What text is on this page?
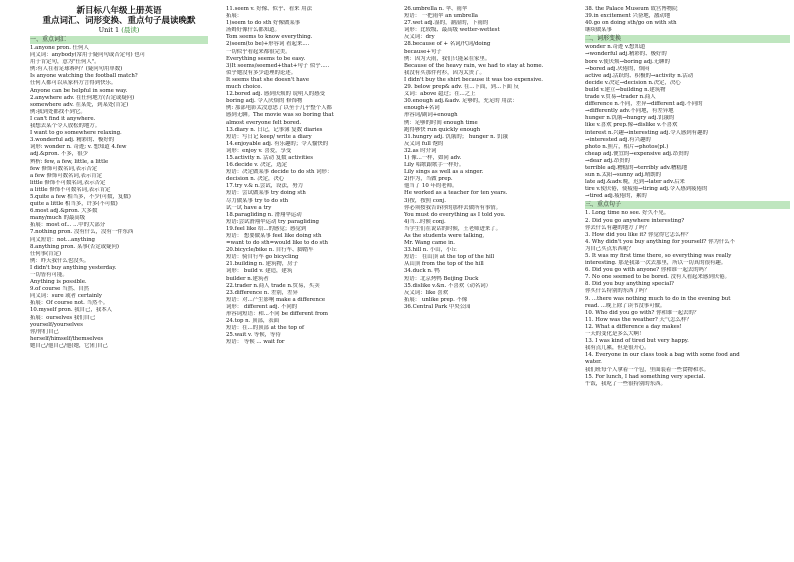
新目标八年级上册英语
重点词汇、词形变换、重点句子晨读晚默
Unit 1 (晨读)
一、重点词汇
1.anyone pron. 任何人
同义词：anybody(常用于疑问句或否定句) 也可
用于肯定句，意为"任何人"。
例:有人在看足球赛吗？(疑问句用单数)
Is anyone watching the football match?
任何人都可以从家科方言得到快乐。
Anyone can be helpful in some way.
2.anywhere adv. 在任何地方(否定或疑问)
somewhere adv. 在某处，到某处(肯定)
例:我到处都找不到它。
I can't find it anywhere.
我想去某个令人放松的地方。
I want to go somewhere relaxing.
3.wonderful adj. 精彩的、极好的
词形: wonder n. 奇迹; v. 想知道 4.few
adj.&pron. 不多，很少
辨析: few, a few, little, a little
few 修饰可数名词,表示否定
a few 修饰可数名词,表示肯定
little 修饰不可数名词,表示否定
a little 修饰不可数名词,表示肯定
5.quite a few 相当多，不少(可数，复数)
quite a little 相当多，许多(不可数)
6.most adj.&pron. 大多数
many/much 的最高级
拓展：most of... ...中的大部分
7.nothing pron. 没有什么，没有一件东西
同义短语：not...anything
8.anything pron. 某事(否定或疑问)
任何事(肯定)
例：昨天我什么也没买。
I didn't buy anything yesterday.
一切皆有可能。
Anything is possible.
9.of course 当然、自然
同义词：sure 或者 certainly
拓展：Of course not. 当然不。
10.myself pron. 我自己，我本人
拓展：ourselves 我们自己
yourself/yourselves
你/你们自己
herself/himself/themselves
她自己/他自己/他(她，它)们自己
11.seem v. 好像、似乎、看来 用法
拓展：
1)seem to do sth 好像做某事
汤姆好像什么都知道。
Tom seems to know everything.
2)seem(to be)+形容词 看起来....
一切似乎看起来都很完美。
Everything seems to be easy.
3)It seems/seemed+that+句子 似乎.....
似乎她没有多少道理的论述。
It seems that she doesn't have
much choice.
12.bored adj. 感到厌烦的 说明人的感受
boring adj. 令人厌烦的 修饰物
例: 那部电影太没意思了以至于几乎整个人都
感到无聊。The movie was so boring that
almost everyone felt bored.
13.diary n. 日记，记事簿 复数 diaries
短语：写日记 keep/ write a diary
14.enjoyable adj. 有乐趣的；令人愉快的
词形：enjoy v. 喜爱，享受
15.activity n. 活动 复数 activities
16.decide v. 决定，选定
短语：决定做某事 decide to do sth 词形：
decision n. 决定，决心
17.try v.& n.尝试，设法，努力
短语：尝试做某事 try doing sth
尽力做某事 try to do sth
试一试 have a try
18.paragliding n. 滑翔伞运动
短语:尝试滑翔伞运动 try paragliding
19.feel like 给...的感觉；感觉到
短语： 想要做某事 feel like doing sth
=want to do sth=would like to do sth
20.bicycle/bike n. 自行车、脚踏车
短语：骑自行车 go bicycling
21.building n. 建筑物，房子
词形： build v. 建造，建筑
builder n.建筑者
22.trader n.商人 trade n.贸易，买卖
23.difference n. 差别，差异
短语：对...产生影响 make a difference
词形： different adj. 不同的
形容词短语：和...不同 be different from
24.top n. 顶部，表面
短语：在...的顶部 at the top of
25.wait v. 等候，等待
短语： 等候 ... wait for
26.umbrella n. 伞、雨伞
短语： 一把雨伞 an umbrella
27.wet adj.湿的，潮湿的，下雨的
词形：比较级、最高级 wetter-wettest
反义词：dry
28.because of + 名词/代词/doing
because+句子
例：因为天雨，我们只能呆在家里。
Because of the heavy rain, we had to stay at home.
我没有买那件衬衫，因为太贵了。
I didn't buy the shirt because it was too expensive.
29. below prep& adv. 在...下面，到...下面 反
义词：above 超过；在...之上
30.enough adj.&adv. 足够的，充足的 用法：
enough+名词
形容词/副词+enough
例：足够的时间 enough time
跑得够快 run quickly enough
31.hungry adj. 饥饿的； hunger n. 饥饿
反义词 full 饱的
32.as 时介词
1) 像...一样，如同 adv.
Lily 唱歌跟歌手一样好。
Lily sings as well as a singer.
2)作为，当做 prep.
他当了 10 年的老师。
He worked as a teacher for ten years.
3)按，按照 conj.
你必须按我告诉你的那样去做所有事情。
You must do everything as I told you.
4)当...时候 conj.
当学生们在说话的时候，王老师进来了。
As the students were talking,
Mr. Wang came in.
33.hill n. 小山，小丘
短语： 在山顶 at the top of the hill
从山顶 from the top of the hill
34.duck n. 鸭
短语：北京烤鸭 Beijing Duck
35.dislike v.&n. 不喜欢（动名词）
反义词：like 喜欢
拓展： unlike prep. 不像
36.Central Park 中央公园
38. the Palace Museum 故宫博物院
39.in excitement 兴奋地，激动地
40.go on doing sth/go on with sth
继续做某事
二、词形变换
wonder n.奇迹 v.想知道
→wonderful adj.精彩的、极好的
bore v.使厌烦→boring adj.无聊的
→bored adj.厌倦的，烦闷
active adj.活跃的、积极的→activity n.活动
decide v.决定→decision n.决定，决心
build v.建立→building n.建筑物
trade v.贸易→trader n.商人
difference n.不同，差异→different adj.不同的
→differently adv.不同地，有差异地
hunger n.饥饿→hungry adj.饥饿的
like v.喜欢 prep.像→dislike v.不喜欢
interest n.兴趣→interesting adj.令人感到有趣的
→interested adj.有兴趣的
photo n.照片，相片→photos(pl.)
cheap adj.便宜的→expensive adj.昂贵的
→dear adj.昂贵的
terrible adj.糟糕的→terribly adv.糟糕地
sun n.太阳→sunny adj.晴朗的
late adj.&adv.晚，迟到→later adv.后来
tire v.使厌倦，使疲倦→tiring adj.令人感到疲倦的
→tired adj.疲倦的，累的
三、重点句子
1. Long time no see. 好久不见。
2. Did you go anywhere interesting?
你去什么有趣的地方了吗？
3. How did you like it? 你觉得它怎么样？
4. Why didn't you buy anything for yourself? 你为什么不
为自己买点东西呢？
5. It was my first time there, so everything was really
interesting. 那是我第一次去那里，所以一切真的很有趣。
6. Did you go with anyone? 你和谁一起去的吗？
7. No one seemed to be bored. 没有人看起来感到厌倦。
8. Did you buy anything special?
你买什么特别的东西了吗？
9. ...there was nothing much to do in the evening but
read. ...晚上除了读书没事可做。
10. Who did you go with? 你和谁一起去的？
11. How was the weather? 天气怎么样？
12. What a difference a day makes!
一天的变化是多么大啊！
13. I was kind of tired but very happy.
我有点儿累，但是很开心。
14. Everyone in our class took a bag with some food and
water.
我们班每个人拿着一个包，里面装着一些食物和水。
15. For lunch, I had something very special.
午饭，我吃了一些很特别的东西。
